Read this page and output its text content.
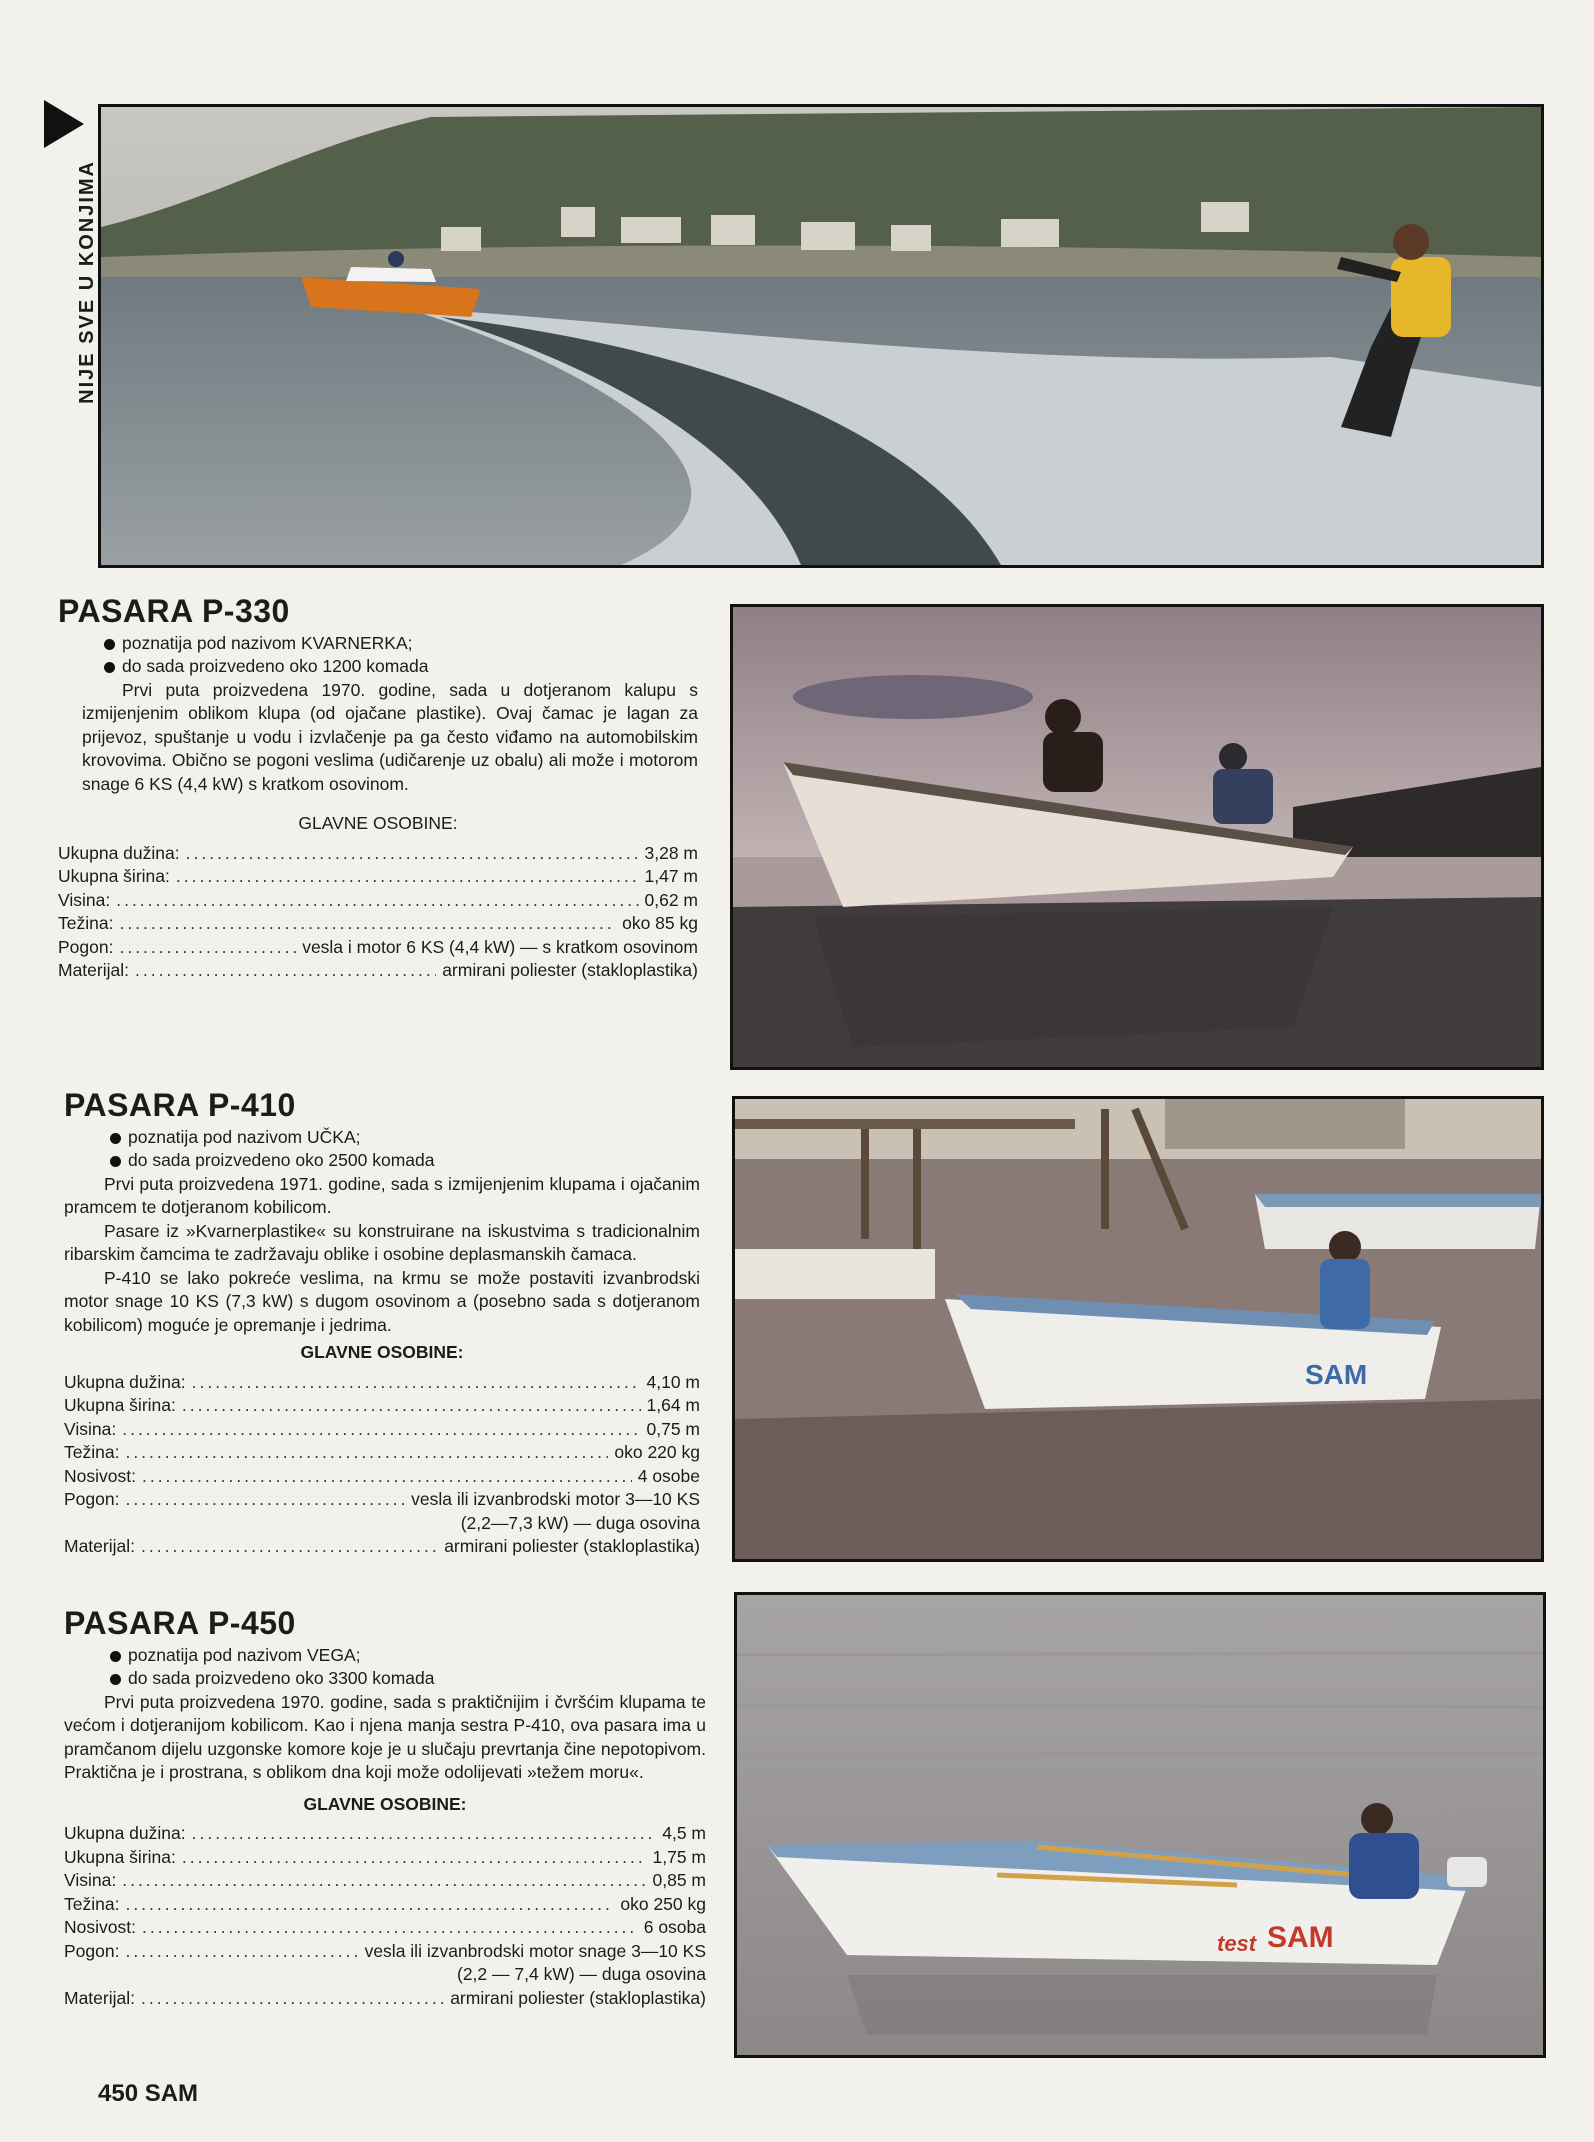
NIJE SVE U KONJIMA
PASARA P-330
poznatija pod nazivom KVARNERKA;
do sada proizvedeno oko 1200 komada

Prvi puta proizvedena 1970. godine, sada u dotjeranom kalupu s izmijenjenim oblikom klupa (od ojačane plastike). Ovaj čamac je lagan za prijevoz, spuštanje u vodu i izvlačenje pa ga često viđamo na automobilskim krovovima. Obično se pogoni veslima (udičarenje uz obalu) ali može i motorom snage 6 KS (4,4 kW) s kratkom osovinom.

GLAVNE OSOBINE:
Ukupna dužina: .....	3,28 m
Ukupna širina: .....	1,47 m
Visina: .....	0,62 m
Težina: .....	oko 85 kg
Pogon: .....	vesla i motor 6 KS (4,4 kW) — s kratkom osovinom
Materijal: .....	armirani poliester (stakloplastika)
PASARA P-410
poznatija pod nazivom UČKA;
do sada proizvedeno oko 2500 komada

Prvi puta proizvedena 1971. godine, sada s izmijenjenim klupama i ojačanim pramcem te dotjeranom kobilicom.

Pasare iz »Kvarnerplastike« su konstruirane na iskustvima s tradicionalnim ribarskim čamcima te zadržavaju oblike i osobine deplasmanskih čamaca.

P-410 se lako pokreće veslima, na krmu se može postaviti izvanbrodski motor snage 10 KS (7,3 kW) s dugom osovinom a (posebno sada s dotjeranom kobilicom) moguće je opremanje i jedrima.

GLAVNE OSOBINE:
Ukupna dužina: .....	4,10 m
Ukupna širina: .....	1,64 m
Visina: .....	0,75 m
Težina: .....	oko 220 kg
Nosivost: .....	4 osobe
Pogon: .....	vesla ili izvanbrodski motor 3—10 KS
(2,2—7,3 kW) — duga osovina
Materijal: .....	armirani poliester (stakloplastika)
SAM
PASARA P-450
poznatija pod nazivom VEGA;
do sada proizvedeno oko 3300 komada

Prvi puta proizvedena 1970. godine, sada s praktičnijim i čvršćim klupama te većom i dotjeranijom kobilicom. Kao i njena manja sestra P-410, ova pasara ima u pramčanom dijelu uzgonske komore koje je u slučaju prevrtanja čine nepotopivom. Praktična je i prostrana, s oblikom dna koji može odolijevati »težem moru«.

GLAVNE OSOBINE:
Ukupna dužina: .....	4,5 m
Ukupna širina: .....	1,75 m
Visina: .....	0,85 m
Težina: .....	oko 250 kg
Nosivost: .....	6 osoba
Pogon: .....	vesla ili izvanbrodski motor snage 3—10 KS
(2,2 — 7,4 kW) — duga osovina
Materijal: .....	armirani poliester (stakloplastika)
test SAM
450 SAM
